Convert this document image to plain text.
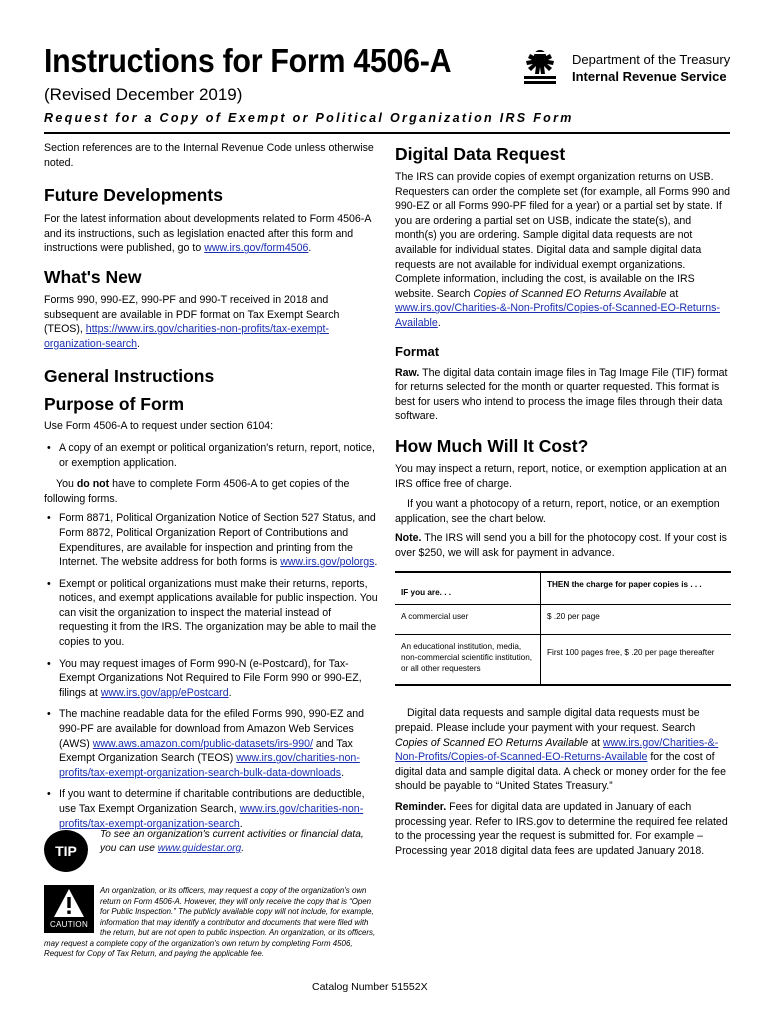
Instructions for Form 4506-A	Department of the Treasury
Internal Revenue Service
(Revised December 2019)
Request for a Copy of Exempt or Political Organization IRS Form

Section references are to the Internal Revenue Code unless otherwise noted.

Future Developments

For the latest information about developments related to Form 4506-A and its instructions, such as legislation enacted after this form and instructions were published, go to www.irs.gov/form4506.

What's New

Forms 990, 990-EZ, 990-PF and 990-T received in 2018 and subsequent are available in PDF format on Tax Exempt Search (TEOS), https://www.irs.gov/charities-non-profits/tax-exempt-organization-search.

General Instructions
Purpose of Form

Use Form 4506-A to request under section 6104:

• A copy of an exempt or political organization's return, report, notice, or exemption application.

You do not have to complete Form 4506-A to get copies of the following forms.

• Form 8871, Political Organization Notice of Section 527 Status, and Form 8872, Political Organization Report of Contributions and Expenditures, are available for inspection and printing from the Internet. The website address for both forms is www.irs.gov/polorgs.

• Exempt or political organizations must make their returns, reports, notices, and exempt applications available for public inspection. You can visit the organization to inspect the material instead of requesting it from the IRS. The organization may be able to mail the copies to you.

• You may request images of Form 990-N (e-Postcard), for Tax-Exempt Organizations Not Required to File Form 990 or 990-EZ, filings at www.irs.gov/app/ePostcard.

• The machine readable data for the efiled Forms 990, 990-EZ and 990-PF are available for download from Amazon Web Services (AWS) www.aws.amazon.com/public-datasets/irs-990/ and Tax Exempt Organization Search (TEOS) www.irs.gov/charities-non-profits/tax-exempt-organization-search-bulk-data-downloads.

• If you want to determine if charitable contributions are deductible, use Tax Exempt Organization Search, www.irs.gov/charities-non-profits/tax-exempt-organization-search.

TIP
To see an organization's current activities or financial data, you can use www.guidestar.org.
An organization, or its officers, may request a copy of the organization's own return on Form 4506-A. However, they will only receive the copy that is “Open for Public Inspection.” The publicly available copy will not include, for example, information that may identify a contributor and documents that were filed with the return, but are not open to public inspection. An organization, or its officers, may request a complete copy of the organization's own return by completing Form 4506, Request for Copy of Tax Return, and paying the applicable fee.
CAUTION
Digital Data Request

The IRS can provide copies of exempt organization returns on USB. Requesters can order the complete set (for example, all Forms 990 and 990-EZ or all Forms 990-PF filed for a year) or a partial set by state. If you are ordering a partial set on USB, indicate the state(s), and month(s) you are ordering. Sample digital data requests are not available for individual states. Digital data and sample digital data requests are not available for individual exempt organizations. Complete information, including the cost, is available on the IRS website. Search Copies of Scanned EO Returns Available at www.irs.gov/Charities-&-Non-Profits/Copies-of-Scanned-EO-Returns-Available.

Format

Raw. The digital data contain image files in Tag Image File (TIF) format for returns selected for the month or quarter requested. This format is best for users who intend to process the image files through their data software.

How Much Will It Cost?

You may inspect a return, report, notice, or exemption application at an IRS office free of charge.

If you want a photocopy of a return, report, notice, or an exemption application, see the chart below.

Note. The IRS will send you a bill for the photocopy cost. If your cost is over $250, we will ask for payment in advance.

IF you are. . .	THEN the charge for paper copies is . . .
A commercial user	$ .20 per page
An educational institution, media, non-commercial scientific institution, or all other requesters	First 100 pages free, $ .20 per page thereafter

Digital data requests and sample digital data requests must be prepaid. Please include your payment with your request. Search Copies of Scanned EO Returns Available at www.irs.gov/Charities-&- Non-Profits/Copies-of-Scanned-EO-Returns-Available for the cost of digital data and sample digital data. A check or money order for the fee should be payable to “United States Treasury.”

Reminder. Fees for digital data are updated in January of each processing year. Refer to IRS.gov to determine the required fee related to the processing year the request is submitted for. For example – Processing year 2018 digital data fees are updated January 2018.

Catalog Number 51552X
